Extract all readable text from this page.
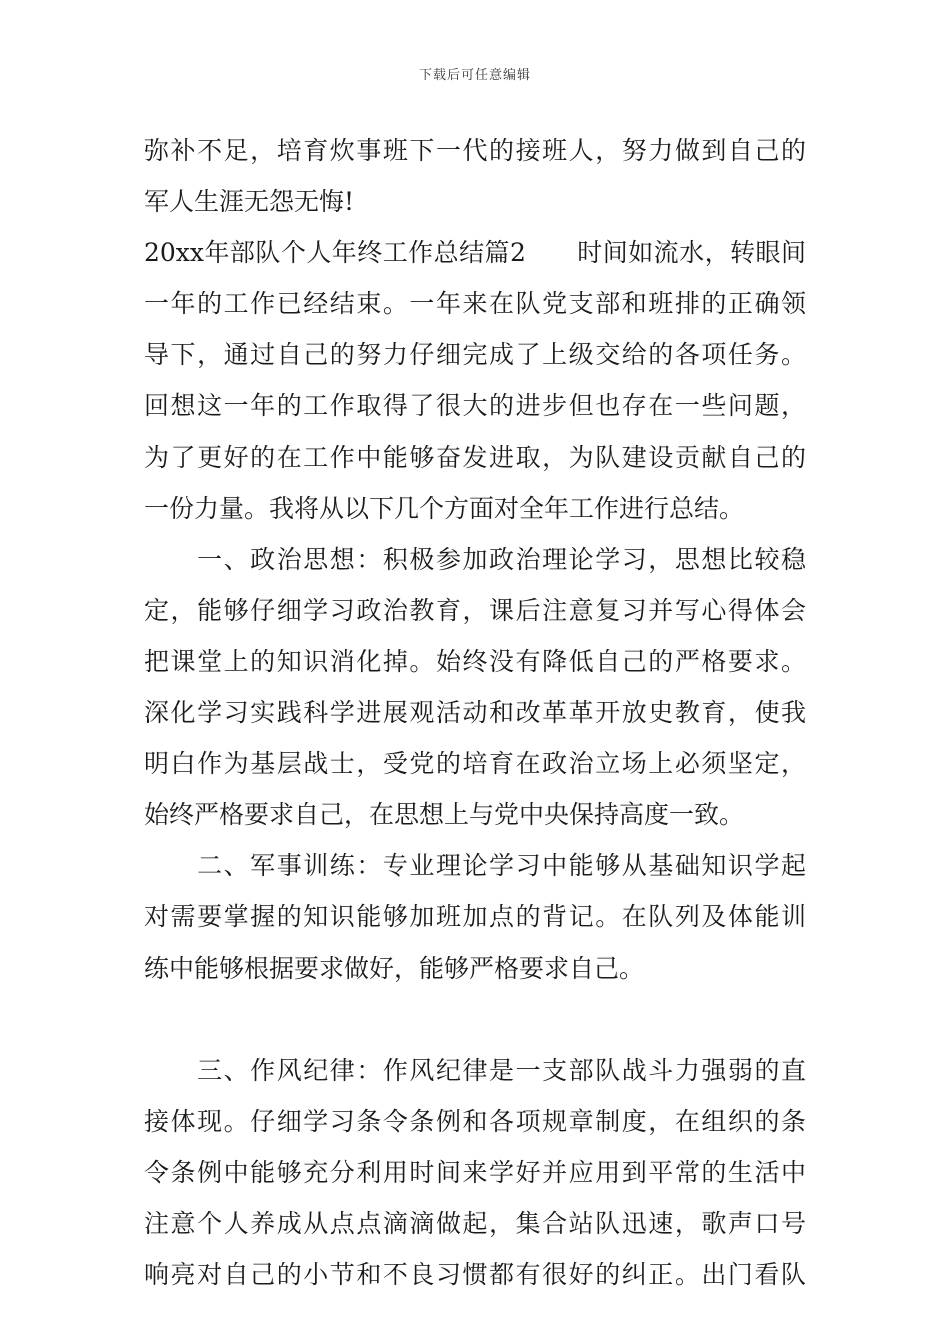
下载后可任意编辑
弥补不足，培育炊事班下一代的接班人，努力做到自己的
军人生涯无怨无悔!
20xx年部队个人年终工作总结篇2　　时间如流水，转眼间
一年的工作已经结束。一年来在队党支部和班排的正确领
导下，通过自己的努力仔细完成了上级交给的各项任务。
回想这一年的工作取得了很大的进步但也存在一些问题，
为了更好的在工作中能够奋发进取，为队建设贡献自己的
一份力量。我将从以下几个方面对全年工作进行总结。
　　一、政治思想：积极参加政治理论学习，思想比较稳
定，能够仔细学习政治教育，课后注意复习并写心得体会
把课堂上的知识消化掉。始终没有降低自己的严格要求。
深化学习实践科学进展观活动和改革革开放史教育，使我
明白作为基层战士，受党的培育在政治立场上必须坚定，
始终严格要求自己，在思想上与党中央保持高度一致。
　　二、军事训练：专业理论学习中能够从基础知识学起
对需要掌握的知识能够加班加点的背记。在队列及体能训
练中能够根据要求做好，能够严格要求自己。
　　三、作风纪律：作风纪律是一支部队战斗力强弱的直
接体现。仔细学习条令条例和各项规章制度，在组织的条
令条例中能够充分利用时间来学好并应用到平常的生活中
注意个人养成从点点滴滴做起，集合站队迅速，歌声口号
响亮对自己的小节和不良习惯都有很好的纠正。出门看队
